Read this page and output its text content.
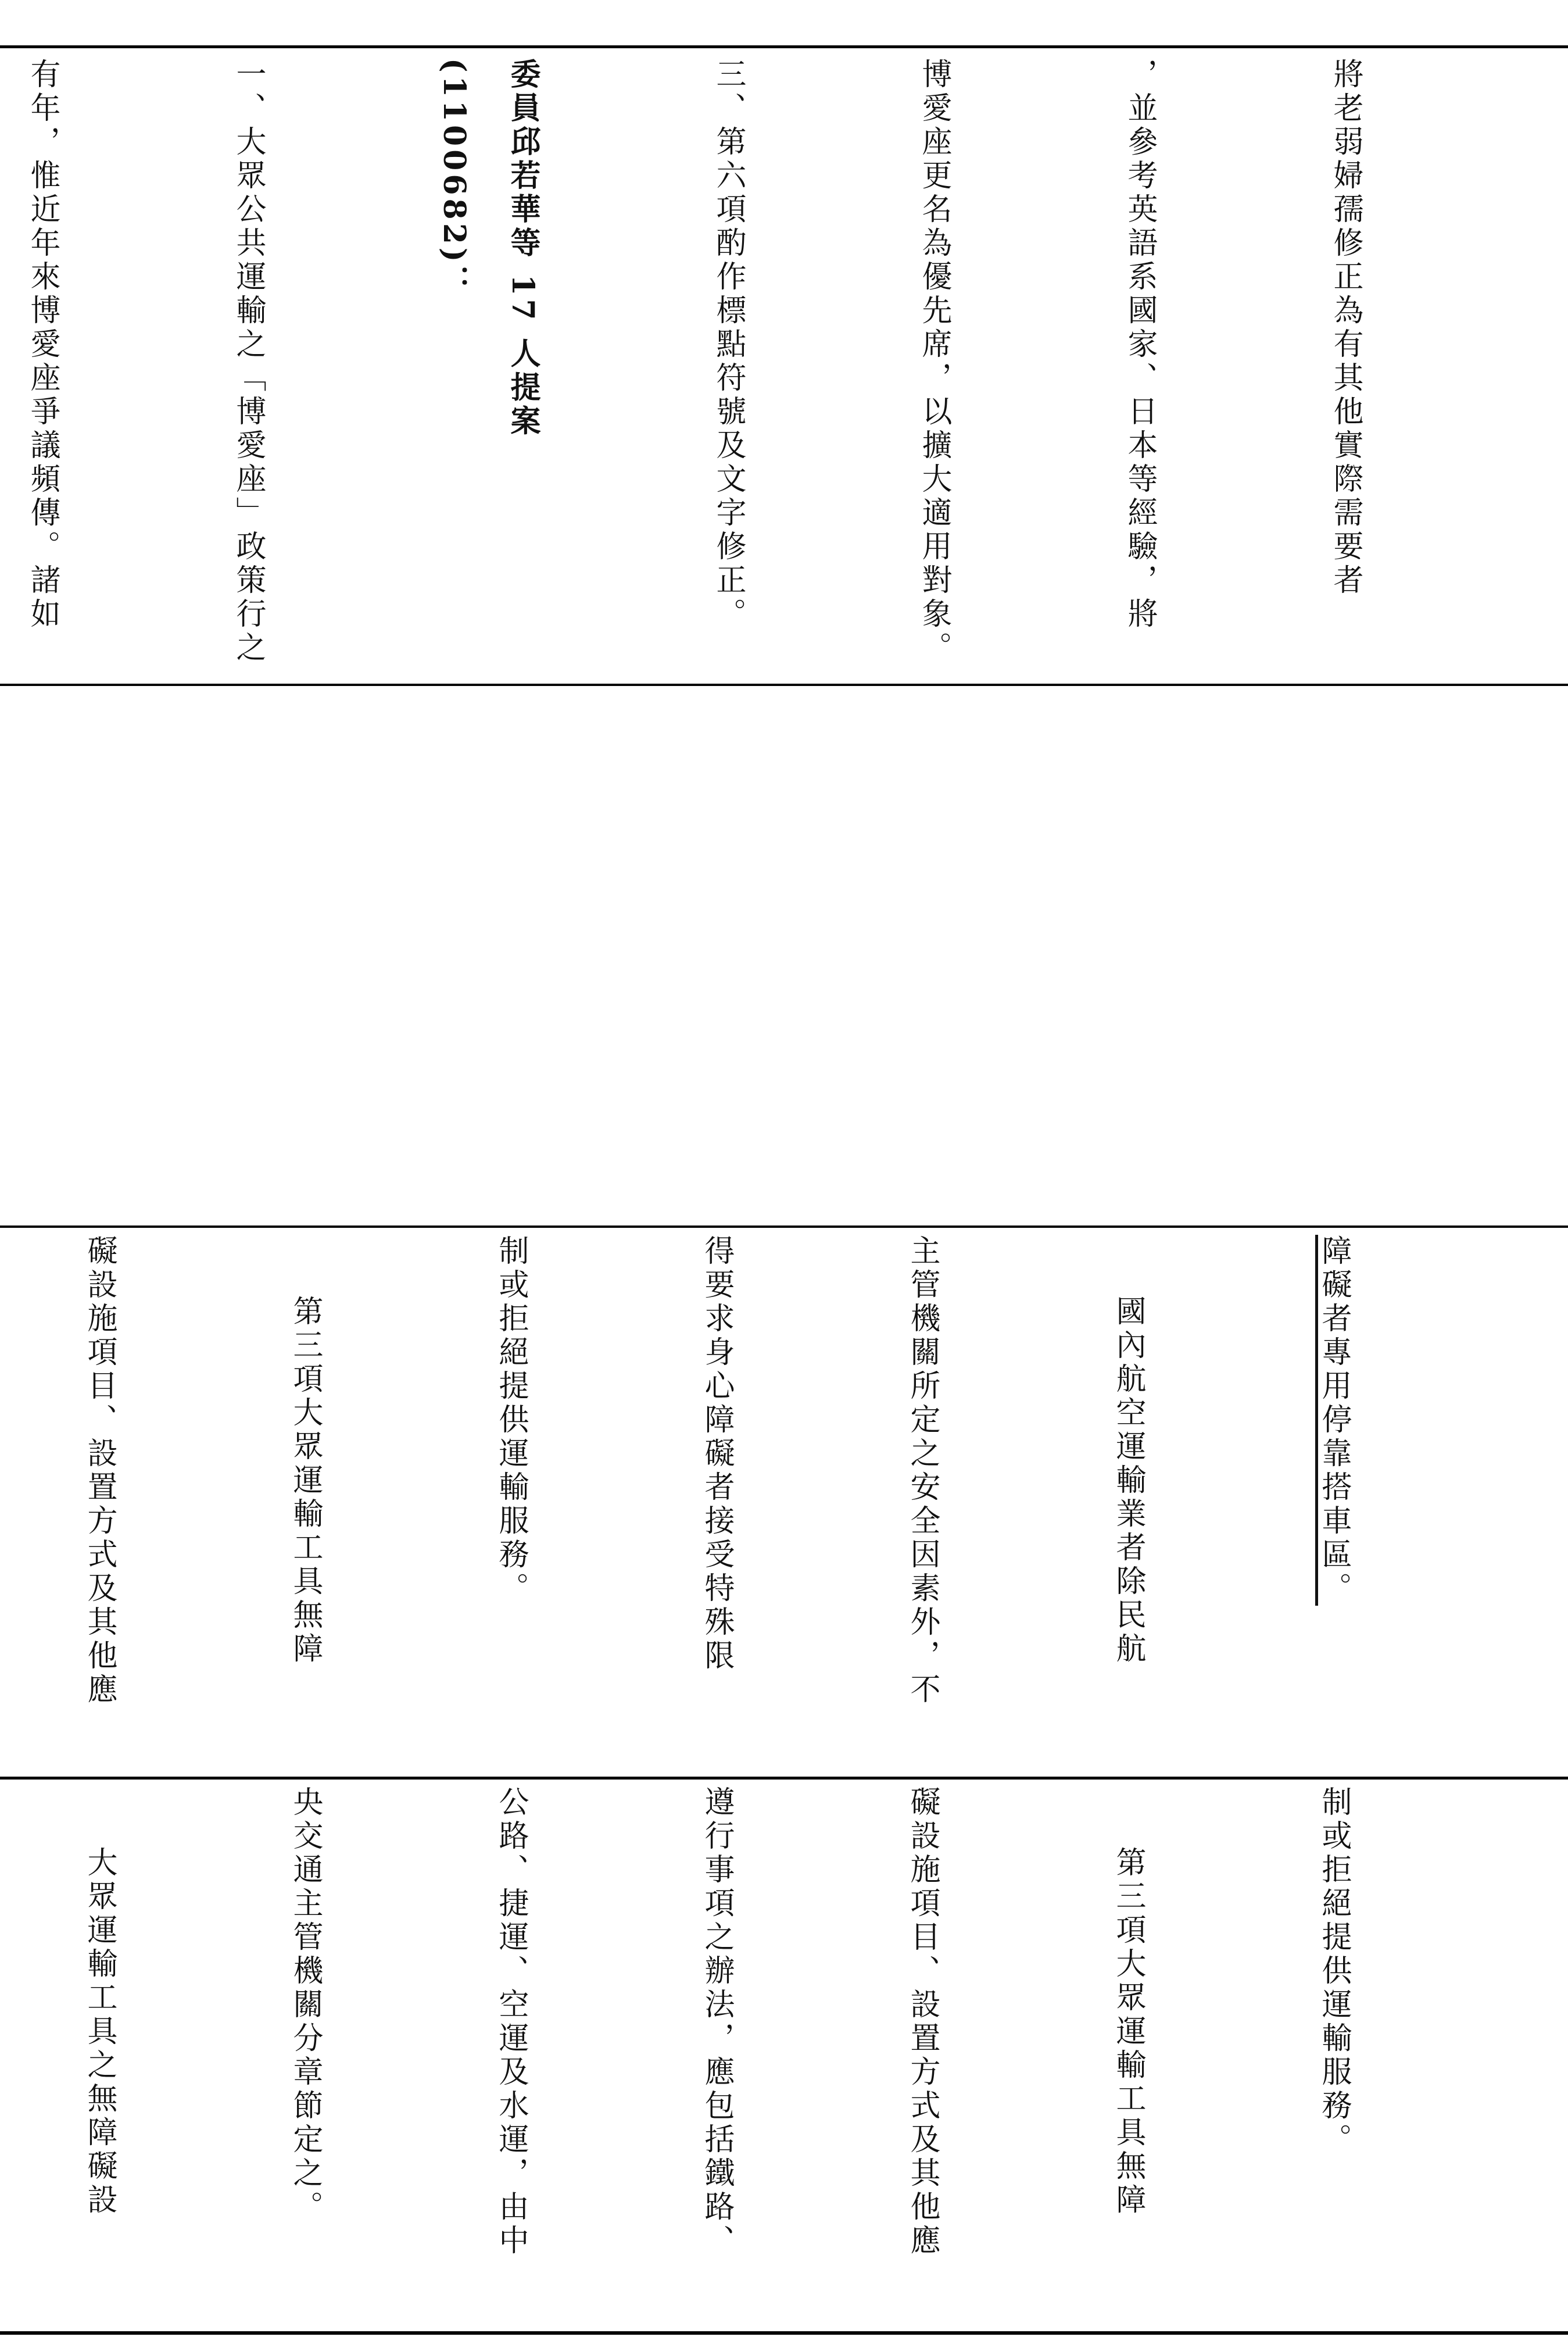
將老弱婦孺修正為有其他實際需要者

，並參考英語系國家、日本等經驗，將

博愛座更名為優先席，以擴大適用對象。

三、第六項酌作標點符號及文字修正。

委員邱若華等 17 人提案(1100682)：

一、大眾公共運輸之「博愛座」政策行之

有年，惟近年來博愛座爭議頻傳。諸如

障礙者專用停靠搭車區。

國內航空運輸業者除民航

主管機關所定之安全因素外，不

得要求身心障礙者接受特殊限

制或拒絕提供運輸服務。

第三項大眾運輸工具無障

礙設施項目、設置方式及其他應

制或拒絕提供運輸服務。

第三項大眾運輸工具無障

礙設施項目、設置方式及其他應

遵行事項之辦法，應包括鐵路、

公路、捷運、空運及水運，由中

央交通主管機關分章節定之。

大眾運輸工具之無障礙設
